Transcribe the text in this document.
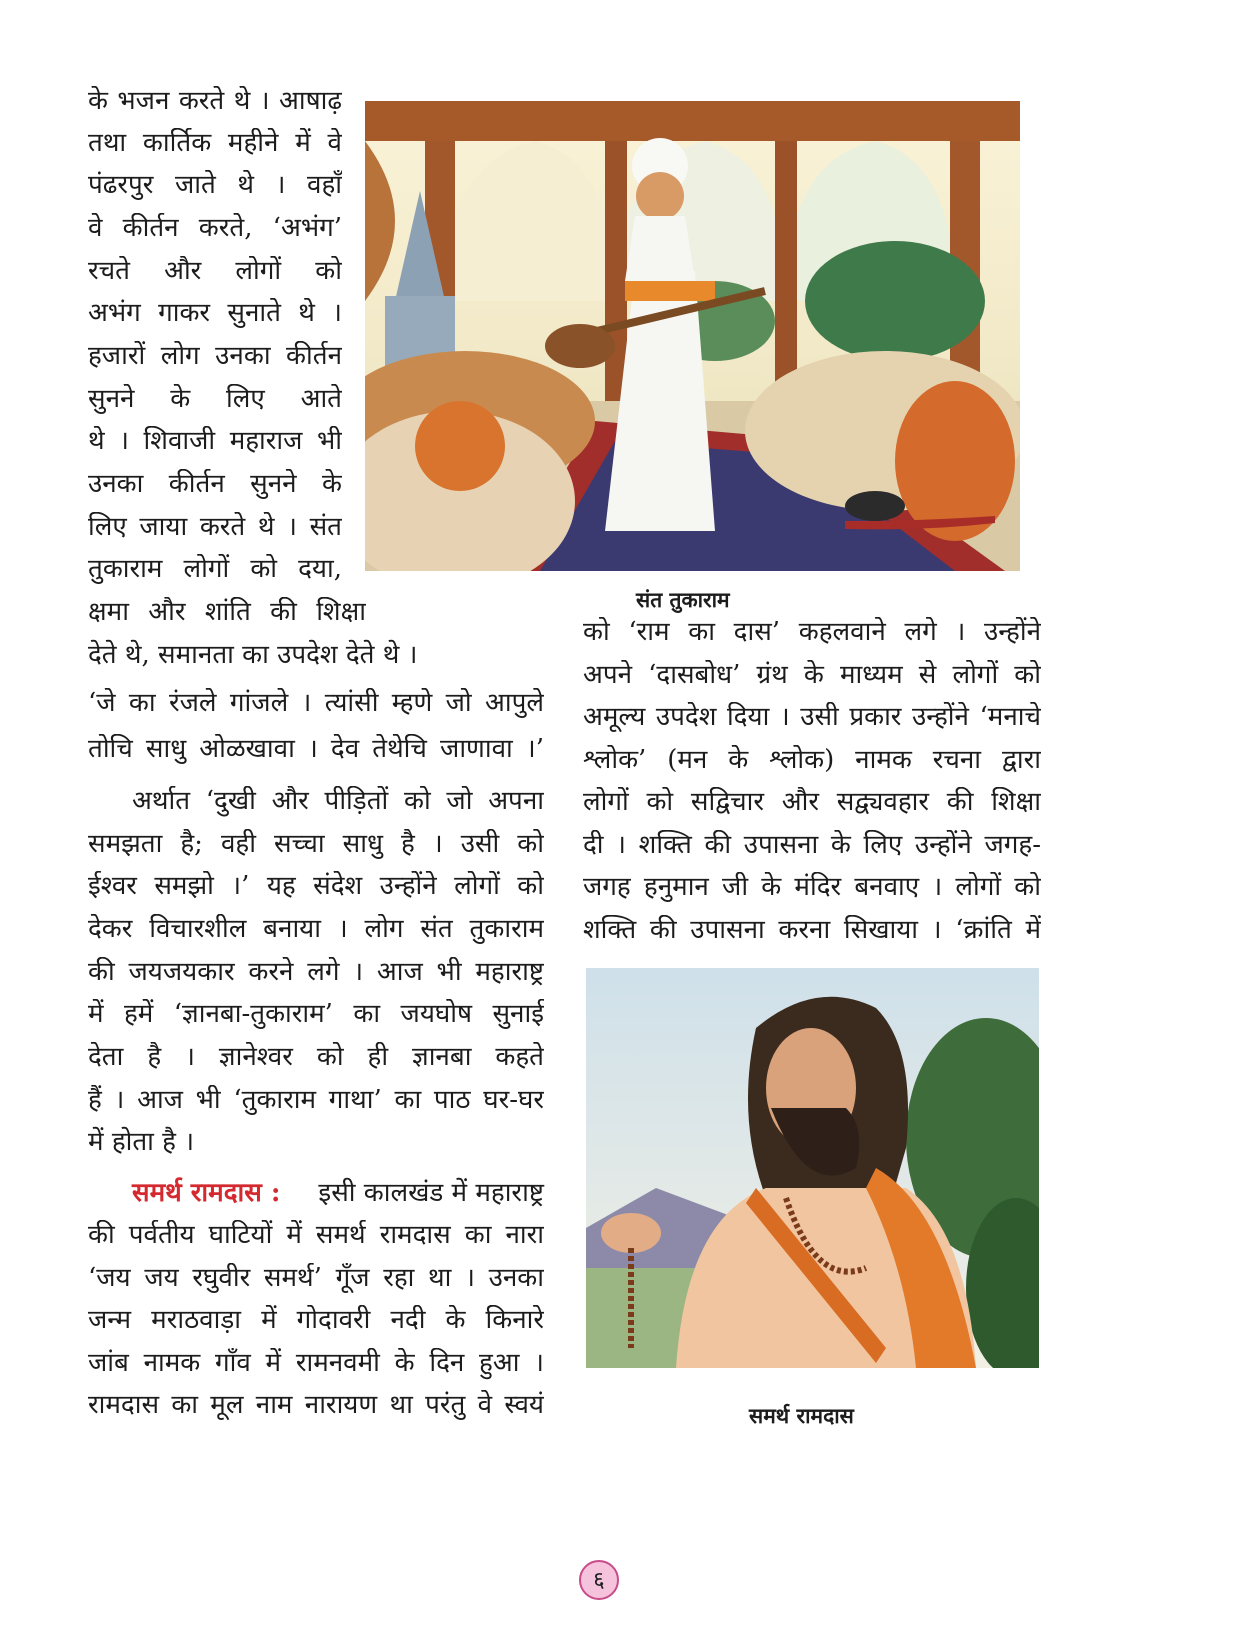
के भजन करते थे । आषाढ़
तथा कार्तिक महीने में वे
पंढरपुर जाते थे । वहाँ
वे कीर्तन करते, ‘अभंग’
रचते और लोगों को
अभंग गाकर सुनाते थे ।
हजारों लोग उनका कीर्तन
सुनने के लिए आते
थे । शिवाजी महाराज भी
उनका कीर्तन सुनने के
लिए जाया करते थे । संत
तुकाराम लोगों को दया,
क्षमा और शांति की शिक्षा
देते थे, समानता का उपदेश देते थे ।
‘जे का रंजले गांजले । त्यांसी म्हणे जो आपुले
तोचि साधु ओळखावा । देव तेथेचि जाणावा ।’
अर्थात ‘दुखी और पीड़ितों को जो अपना
समझता है; वही सच्चा साधु है । उसी को
ईश्वर समझो ।’ यह संदेश उन्होंने लोगों को
देकर विचारशील बनाया । लोग संत तुकाराम
की जयजयकार करने लगे । आज भी महाराष्ट्र
में हमें ‘ज्ञानबा-तुकाराम’ का जयघोष सुनाई
देता है । ज्ञानेश्वर को ही ज्ञानबा कहते
हैं । आज भी ‘तुकाराम गाथा’ का पाठ घर-घर
में होता है ।
समर्थ रामदास : इसी कालखंड में महाराष्ट्र
की पर्वतीय घाटियों में समर्थ रामदास का नारा
‘जय जय रघुवीर समर्थ’ गूँज रहा था । उनका
जन्म मराठवाड़ा में गोदावरी नदी के किनारे
जांब नामक गाँव में रामनवमी के दिन हुआ ।
रामदास का मूल नाम नारायण था परंतु वे स्वयं
संत तुकाराम
को ‘राम का दास’ कहलवाने लगे । उन्होंने
अपने ‘दासबोध’ ग्रंथ के माध्यम से लोगों को
अमूल्य उपदेश दिया । उसी प्रकार उन्होंने ‘मनाचे
श्लोक’ (मन के श्लोक) नामक रचना द्वारा
लोगों को सद्विचार और सद्व्यवहार की शिक्षा
दी । शक्ति की उपासना के लिए उन्होंने जगह-
जगह हनुमान जी के मंदिर बनवाए । लोगों को
शक्ति की उपासना करना सिखाया । ‘क्रांति में
समर्थ रामदास
६
